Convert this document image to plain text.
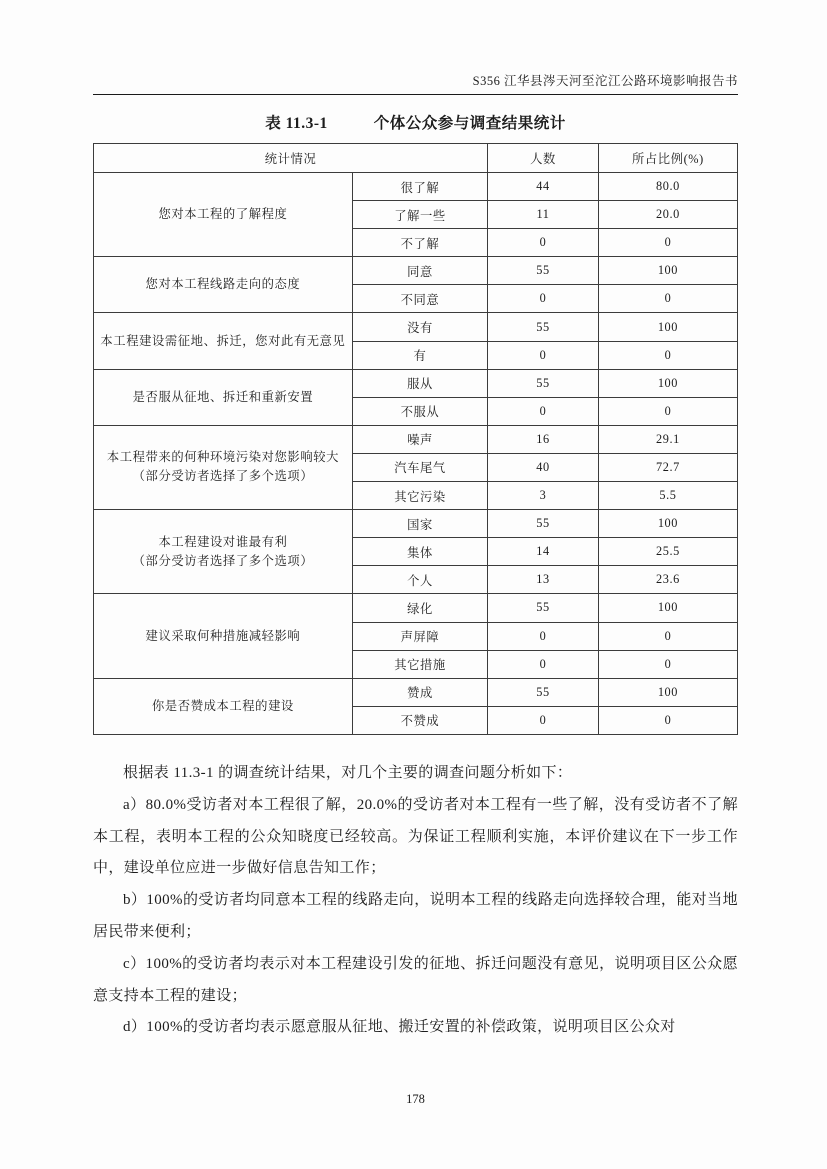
S356 江华县涔天河至沱江公路环境影响报告书
表 11.3-1	个体公众参与调查结果统计
统计情况		人数	所占比例(%)

您对本工程的了解程度	很了解	44	80.0
	了解一些	11	20.0
	不了解	0	0

您对本工程线路走向的态度	同意	55	100
	不同意	0	0

本工程建设需征地、拆迁，您对此有无意见	没有	55	100
	有	0	0

是否服从征地、拆迁和重新安置	服从	55	100
	不服从	0	0

本工程带来的何种环境污染对您影响较大
（部分受访者选择了多个选项）	噪声	16	29.1
	汽车尾气	40	72.7
	其它污染	3	5.5

本工程建设对谁最有利
（部分受访者选择了多个选项）	国家	55	100
	集体	14	25.5
	个人	13	23.6

建议采取何种措施减轻影响	绿化	55	100
	声屏障	0	0
	其它措施	0	0

你是否赞成本工程的建设	赞成	55	100
	不赞成	0	0

根据表 11.3-1 的调查统计结果，对几个主要的调查问题分析如下：

a）80.0%受访者对本工程很了解，20.0%的受访者对本工程有一些了解，没有受访者不了解本工程，表明本工程的公众知晓度已经较高。为保证工程顺利实施，本评价建议在下一步工作中，建设单位应进一步做好信息告知工作；

b）100%的受访者均同意本工程的线路走向，说明本工程的线路走向选择较合理，能对当地居民带来便利；

c）100%的受访者均表示对本工程建设引发的征地、拆迁问题没有意见，说明项目区公众愿意支持本工程的建设；

d）100%的受访者均表示愿意服从征地、搬迁安置的补偿政策，说明项目区公众对

178
